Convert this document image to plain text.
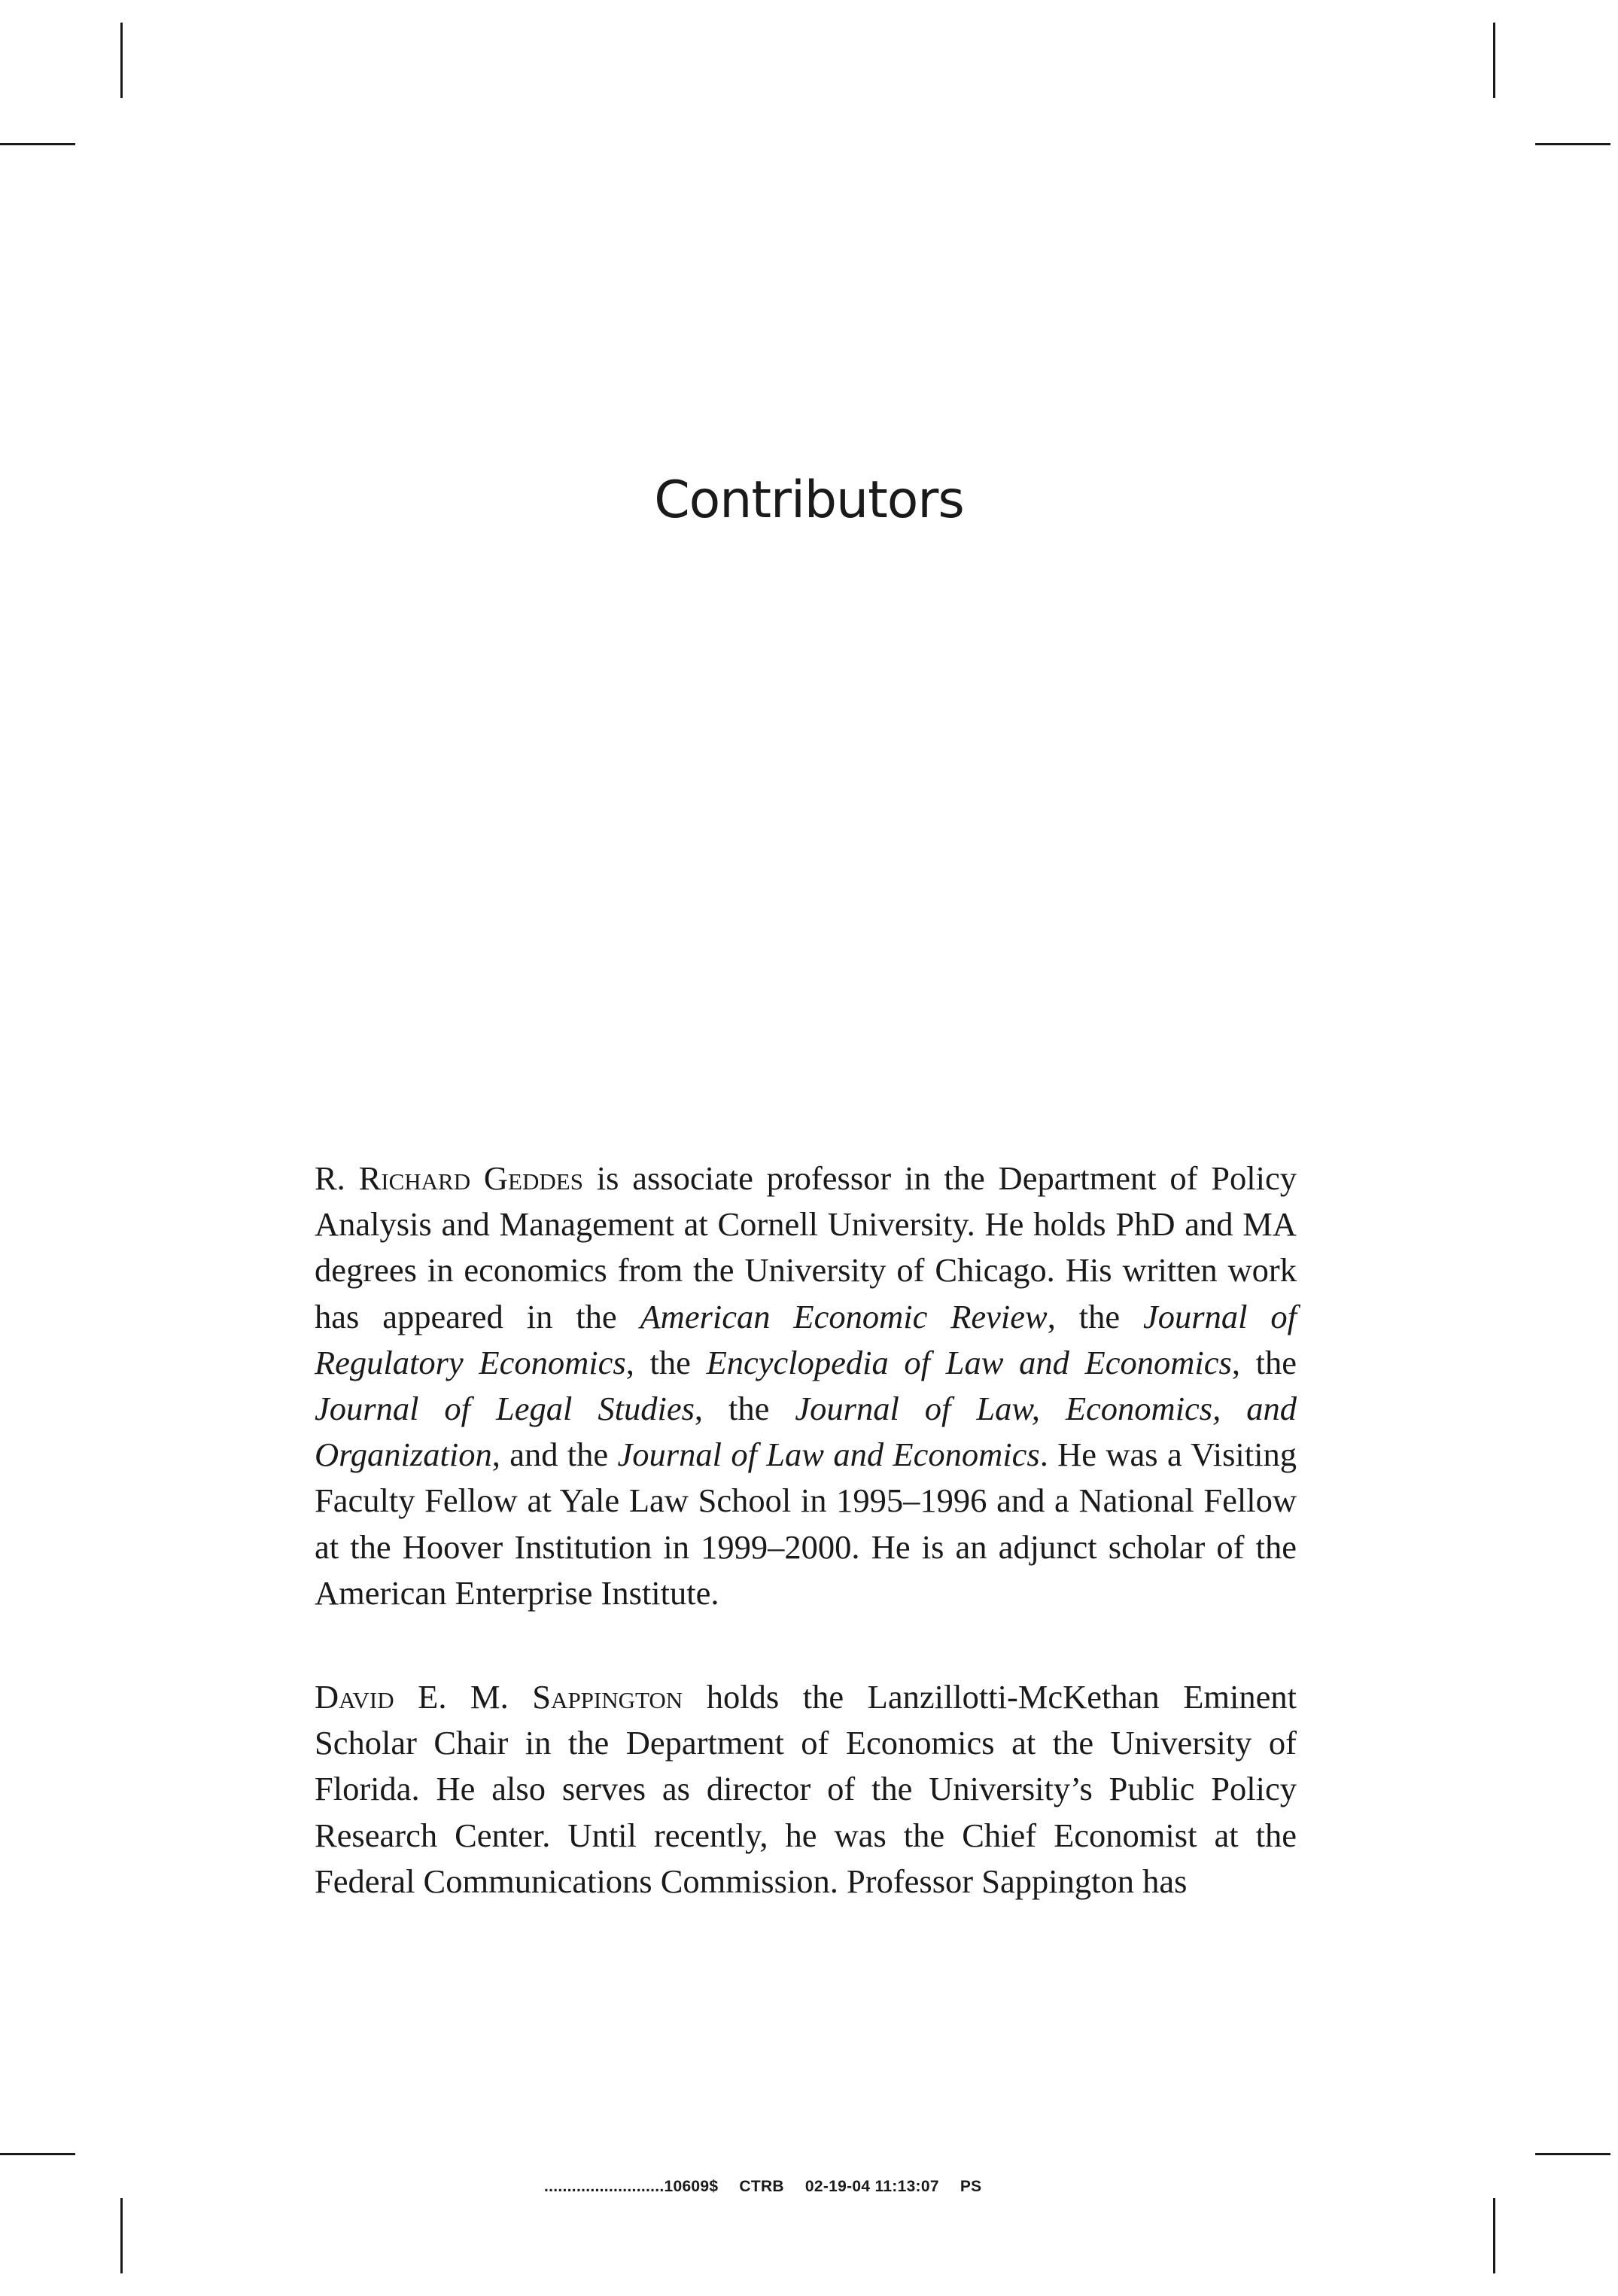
Contributors

R. Richard Geddes is associate professor in the Department of Policy Analysis and Management at Cornell University. He holds PhD and MA degrees in economics from the University of Chicago. His written work has appeared in the American Economic Review, the Journal of Regulatory Economics, the Encyclopedia of Law and Economics, the Journal of Legal Studies, the Journal of Law, Economics, and Organization, and the Journal of Law and Economics. He was a Visiting Faculty Fellow at Yale Law School in 1995–1996 and a National Fellow at the Hoover Institution in 1999–2000. He is an adjunct scholar of the American Enterprise Institute.

David E. M. Sappington holds the Lanzillotti-McKethan Eminent Scholar Chair in the Department of Economics at the University of Florida. He also serves as director of the University’s Public Policy Research Center. Until recently, he was the Chief Economist at the Federal Communications Commission. Professor Sappington has

..........................10609$ CTRB 02-19-04 11:13:07 PS
